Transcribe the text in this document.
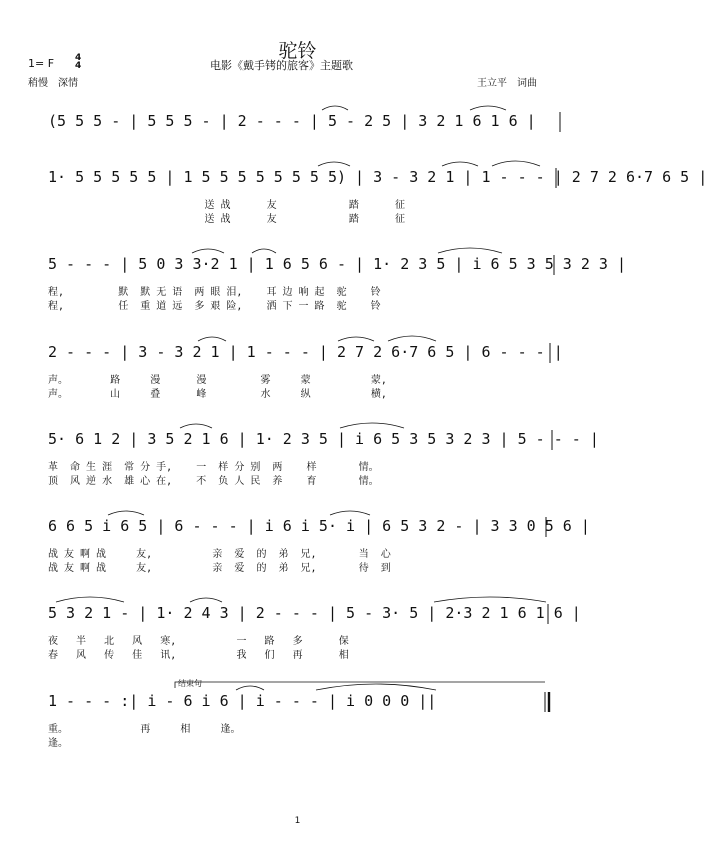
驼铃
1= F 4
4	电影《戴手铐的旅客》主题歌
稍慢　深情	王立平　词曲
(5 5 5 - | 5 5 5 - | 2 - - - | 5 - 2 5 | 3 2 1 6 1 6 |
1· 5 5 5 5 5 | 1 5 5 5 5 5 5 5 5) | 3 - 3 2 1 | 1 - - - | 2 7 2 6·7 6 5 |
送 战      友            踏      征
送 战      友            踏      征
5 - - - | 5 0 3 3·2 1 | 1 6 5 6 - | 1· 2 3 5 | i 6 5 3 5 3 2 3 |
程,         默  默 无 语  两 眼 泪,    耳 边 响 起  驼    铃
程,         任  重 道 远  多 艰 险,    洒 下 一 路  驼    铃
2 - - - | 3 - 3 2 1 | 1 - - - | 2 7 2 6·7 6 5 | 6 - - - |
声。       路     漫      漫         雾     蒙          蒙,
声。       山     叠      峰         水     纵          横,
5· 6 1 2 | 3 5 2 1 6 | 1· 2 3 5 | i 6 5 3 5 3 2 3 | 5 - - - |
革  命 生 涯  常 分 手,    一  样 分 别  两    样       情。
顶  风 逆 水  雄 心 在,    不  负 人 民  养    育       情。
6 6 5 i 6 5 | 6 - - - | i 6 i 5· i | 6 5 3 2 - | 3 3 0 5 6 |
战 友 啊 战     友,          亲  爱  的  弟  兄,       当  心
战 友 啊 战     友,          亲  爱  的  弟  兄,       待  到
5 3 2 1 - | 1· 2 4 3 | 2 - - - | 5 - 3· 5 | 2·3 2 1 6 1 6 |
夜   半   北   风   寒,          一   路   多      保
春   风   传   佳   讯,          我   们   再      相
结束句
1 - - - :| i - 6 i 6 | i - - - | i 0 0 0 ||
重。            再     相     逢。
逢。
1
